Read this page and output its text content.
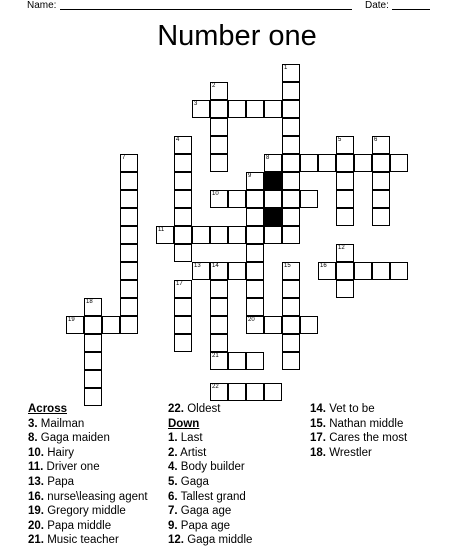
Name:	Date:
Number one
1
2
3
4	5	6
7	8
9
11
12
16
13 14
21
15
17
18
19	20
22
10
Across
3. Mailman
8. Gaga maiden
10. Hairy
11. Driver one
13. Papa
16. nurse\leasing agent
19. Gregory middle
20. Papa middle
21. Music teacher
22. Oldest
Down
1. Last
2. Artist
4. Body builder
5. Gaga
6. Tallest grand
7. Gaga age
9. Papa age
12. Gaga middle
14. Vet to be
15. Nathan middle
17. Cares the most
18. Wrestler
